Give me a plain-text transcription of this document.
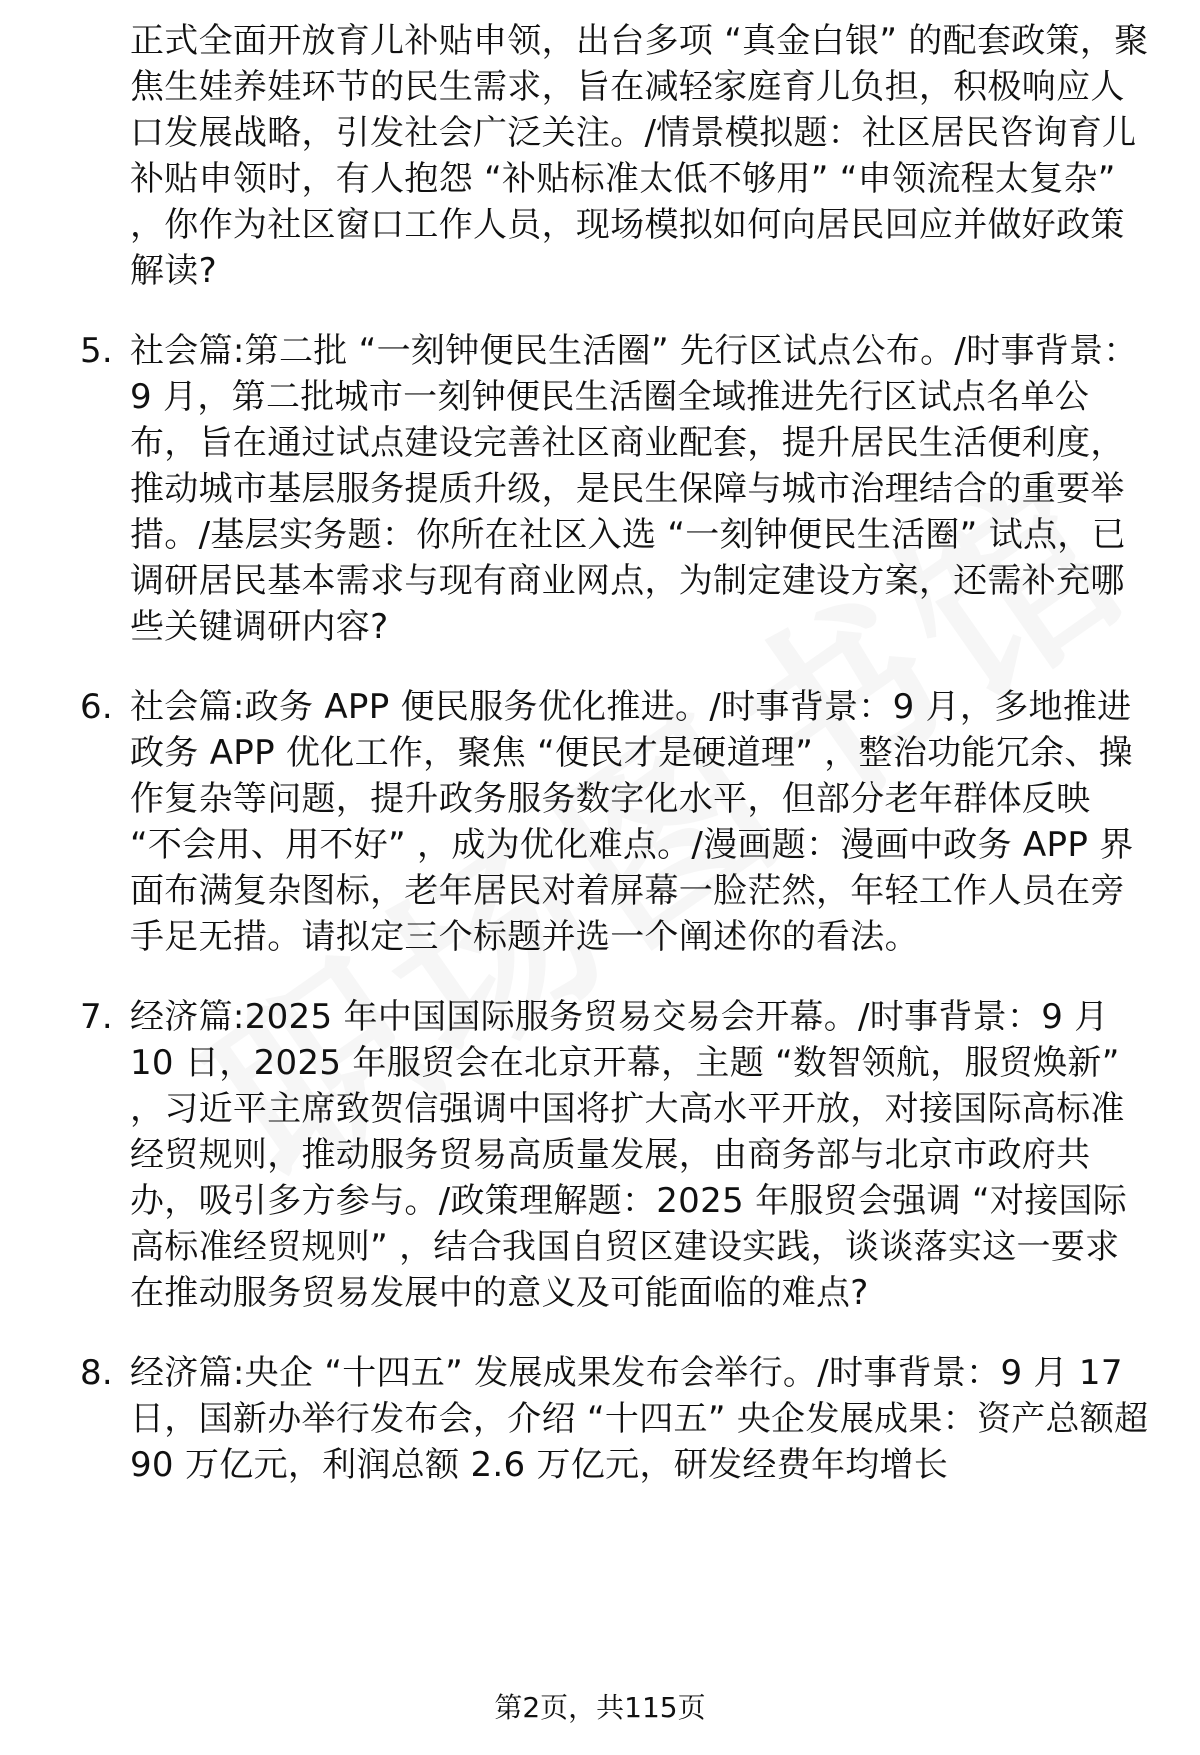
正式全面开放育儿补贴申领，出台多项 “真金白银” 的配套政策，聚焦生娃养娃环节的民生需求，旨在减轻家庭育儿负担，积极响应人口发展战略，引发社会广泛关注。/情景模拟题：社区居民咨询育儿补贴申领时，有人抱怨 “补贴标准太低不够用” “申领流程太复杂” ，你作为社区窗口工作人员，现场模拟如何向居民回应并做好政策解读?
5. 社会篇:第二批 “一刻钟便民生活圈” 先行区试点公布。/时事背景：9 月，第二批城市一刻钟便民生活圈全域推进先行区试点名单公布，旨在通过试点建设完善社区商业配套，提升居民生活便利度，推动城市基层服务提质升级，是民生保障与城市治理结合的重要举措。/基层实务题：你所在社区入选 “一刻钟便民生活圈” 试点，已调研居民基本需求与现有商业网点，为制定建设方案，还需补充哪些关键调研内容?
6. 社会篇:政务 APP 便民服务优化推进。/时事背景：9 月，多地推进政务 APP 优化工作，聚焦 “便民才是硬道理” ，整治功能冗余、操作复杂等问题，提升政务服务数字化水平，但部分老年群体反映 “不会用、用不好” ，成为优化难点。/漫画题：漫画中政务 APP 界面布满复杂图标，老年居民对着屏幕一脸茫然，年轻工作人员在旁手足无措。请拟定三个标题并选一个阐述你的看法。
7. 经济篇:2025 年中国国际服务贸易交易会开幕。/时事背景：9 月 10 日，2025 年服贸会在北京开幕，主题 “数智领航，服贸焕新” ，习近平主席致贺信强调中国将扩大高水平开放，对接国际高标准经贸规则，推动服务贸易高质量发展，由商务部与北京市政府共办，吸引多方参与。/政策理解题：2025 年服贸会强调 “对接国际高标准经贸规则” ，结合我国自贸区建设实践，谈谈落实这一要求在推动服务贸易发展中的意义及可能面临的难点?
8. 经济篇:央企 “十四五” 发展成果发布会举行。/时事背景：9 月 17 日，国新办举行发布会，介绍 “十四五” 央企发展成果：资产总额超 90 万亿元，利润总额 2.6 万亿元，研发经费年均增长
第2页，共115页
